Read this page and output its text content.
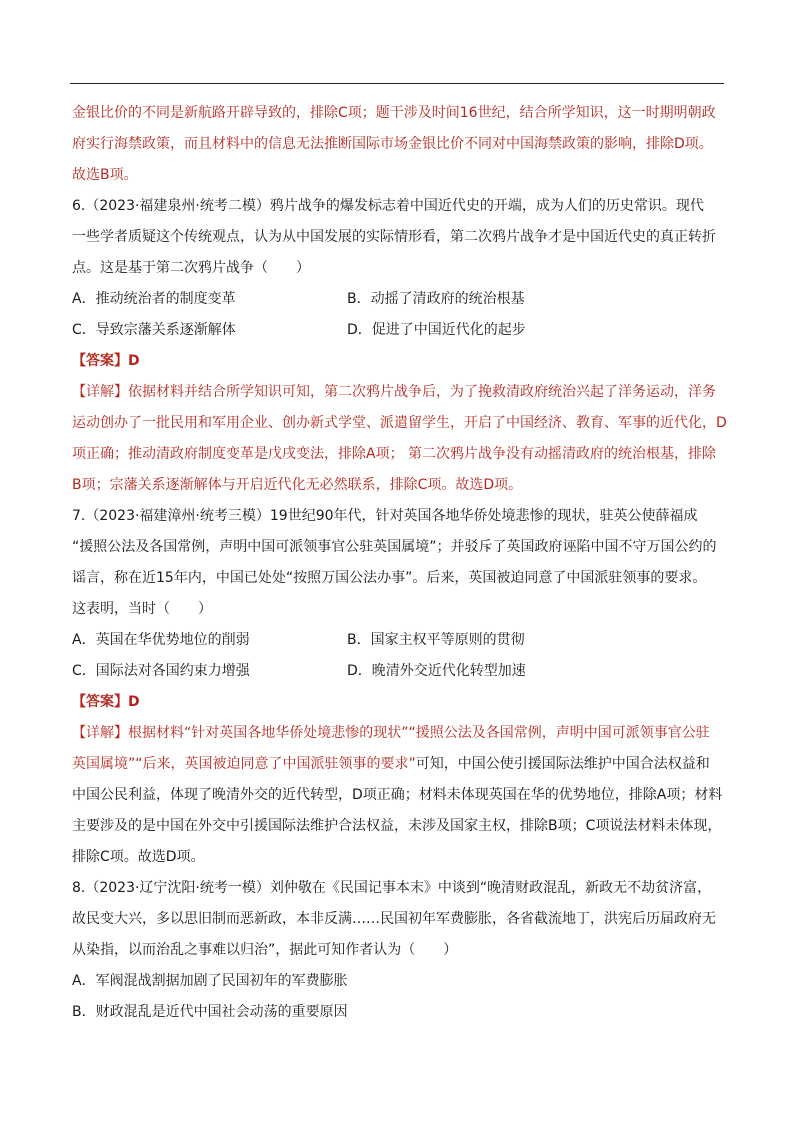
金银比价的不同是新航路开辟导致的，排除C项；题干涉及时间16世纪，结合所学知识，这一时期明朝政
府实行海禁政策，而且材料中的信息无法推断国际市场金银比价不同对中国海禁政策的影响，排除D项。
故选B项。
6.（2023·福建泉州·统考二模）鸦片战争的爆发标志着中国近代史的开端，成为人们的历史常识。现代
一些学者质疑这个传统观点，认为从中国发展的实际情形看，第二次鸦片战争才是中国近代史的真正转折
点。这是基于第二次鸦片战争（　　）
A．推动统治者的制度变革	B．动摇了清政府的统治根基
C．导致宗藩关系逐渐解体	D．促进了中国近代化的起步
【答案】D
【详解】依据材料并结合所学知识可知，第二次鸦片战争后，为了挽救清政府统治兴起了洋务运动，洋务
运动创办了一批民用和军用企业、创办新式学堂、派遣留学生，开启了中国经济、教育、军事的近代化，D
项正确；推动清政府制度变革是戊戌变法，排除A项； 第二次鸦片战争没有动摇清政府的统治根基，排除
B项；宗藩关系逐渐解体与开启近代化无必然联系，排除C项。故选D项。
7.（2023·福建漳州·统考三模）19世纪90年代，针对英国各地华侨处境悲惨的现状，驻英公使薛福成
“援照公法及各国常例，声明中国可派领事官公驻英国属境”；并驳斥了英国政府诬陷中国不守万国公约的
谣言，称在近15年内，中国已处处“按照万国公法办事”。后来，英国被迫同意了中国派驻领事的要求。
这表明，当时（　　）
A．英国在华优势地位的削弱	B．国家主权平等原则的贯彻
C．国际法对各国约束力增强	D．晚清外交近代化转型加速
【答案】D
【详解】根据材料“针对英国各地华侨处境悲惨的现状”“援照公法及各国常例，声明中国可派领事官公驻
英国属境”“后来，英国被迫同意了中国派驻领事的要求”可知，中国公使引援国际法维护中国合法权益和
中国公民利益，体现了晚清外交的近代转型，D项正确；材料未体现英国在华的优势地位，排除A项；材料
主要涉及的是中国在外交中引援国际法维护合法权益，未涉及国家主权，排除B项；C项说法材料未体现，
排除C项。故选D项。
8.（2023·辽宁沈阳·统考一模）刘仲敬在《民国记事本末》中谈到“晚清财政混乱，新政无不劫贫济富，
故民变大兴，多以思旧制而恶新政，本非反满……民国初年军费膨胀，各省截流地丁，洪宪后历届政府无
从染指，以而治乱之事难以归治”，据此可知作者认为（　　）
A．军阀混战割据加剧了民国初年的军费膨胀
B．财政混乱是近代中国社会动荡的重要原因
